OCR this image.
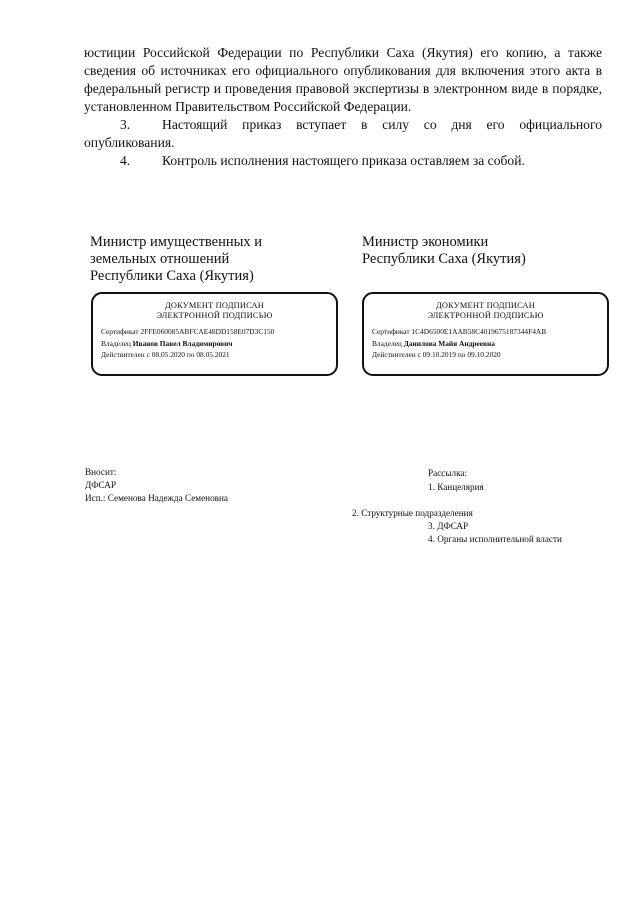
юстиции Российской Федерации по Республики Саха (Якутия) его копию, а также сведения об источниках его официального опубликования для включения этого акта в федеральный регистр и проведения правовой экспертизы в электронном виде в порядке, установленном Правительством Российской Федерации.

3. Настоящий приказ вступает в силу со дня его официального опубликования.

4. Контроль исполнения настоящего приказа оставляем за собой.

Министр имущественных и
земельных отношений
Республики Саха (Якутия)
Министр экономики
Республики Саха (Якутия)
ДОКУМЕНТ ПОДПИСАН
ЭЛЕКТРОННОЙ ПОДПИСЬЮ
Сертификат 2FFE060085ABFCAE48DD158E07D3C150
Владелец Иванов Павел Владимирович
Действителен с 08.05.2020 по 08.05.2021
ДОКУМЕНТ ПОДПИСАН
ЭЛЕКТРОННОЙ ПОДПИСЬЮ
Сертификат 1C4D6500E1AAB58C4019675187344F4AB
Владелец Данилова Майя Андреевна
Действителен с 09.10.2019 по 09.10.2020
Вносит:
ДФСАР
Исп.: Семенова Надежда Семеновна
Рассылка:
1. Канцелярия
2. Структурные подразделения
3. ДФСАР
4. Органы исполнительной власти
